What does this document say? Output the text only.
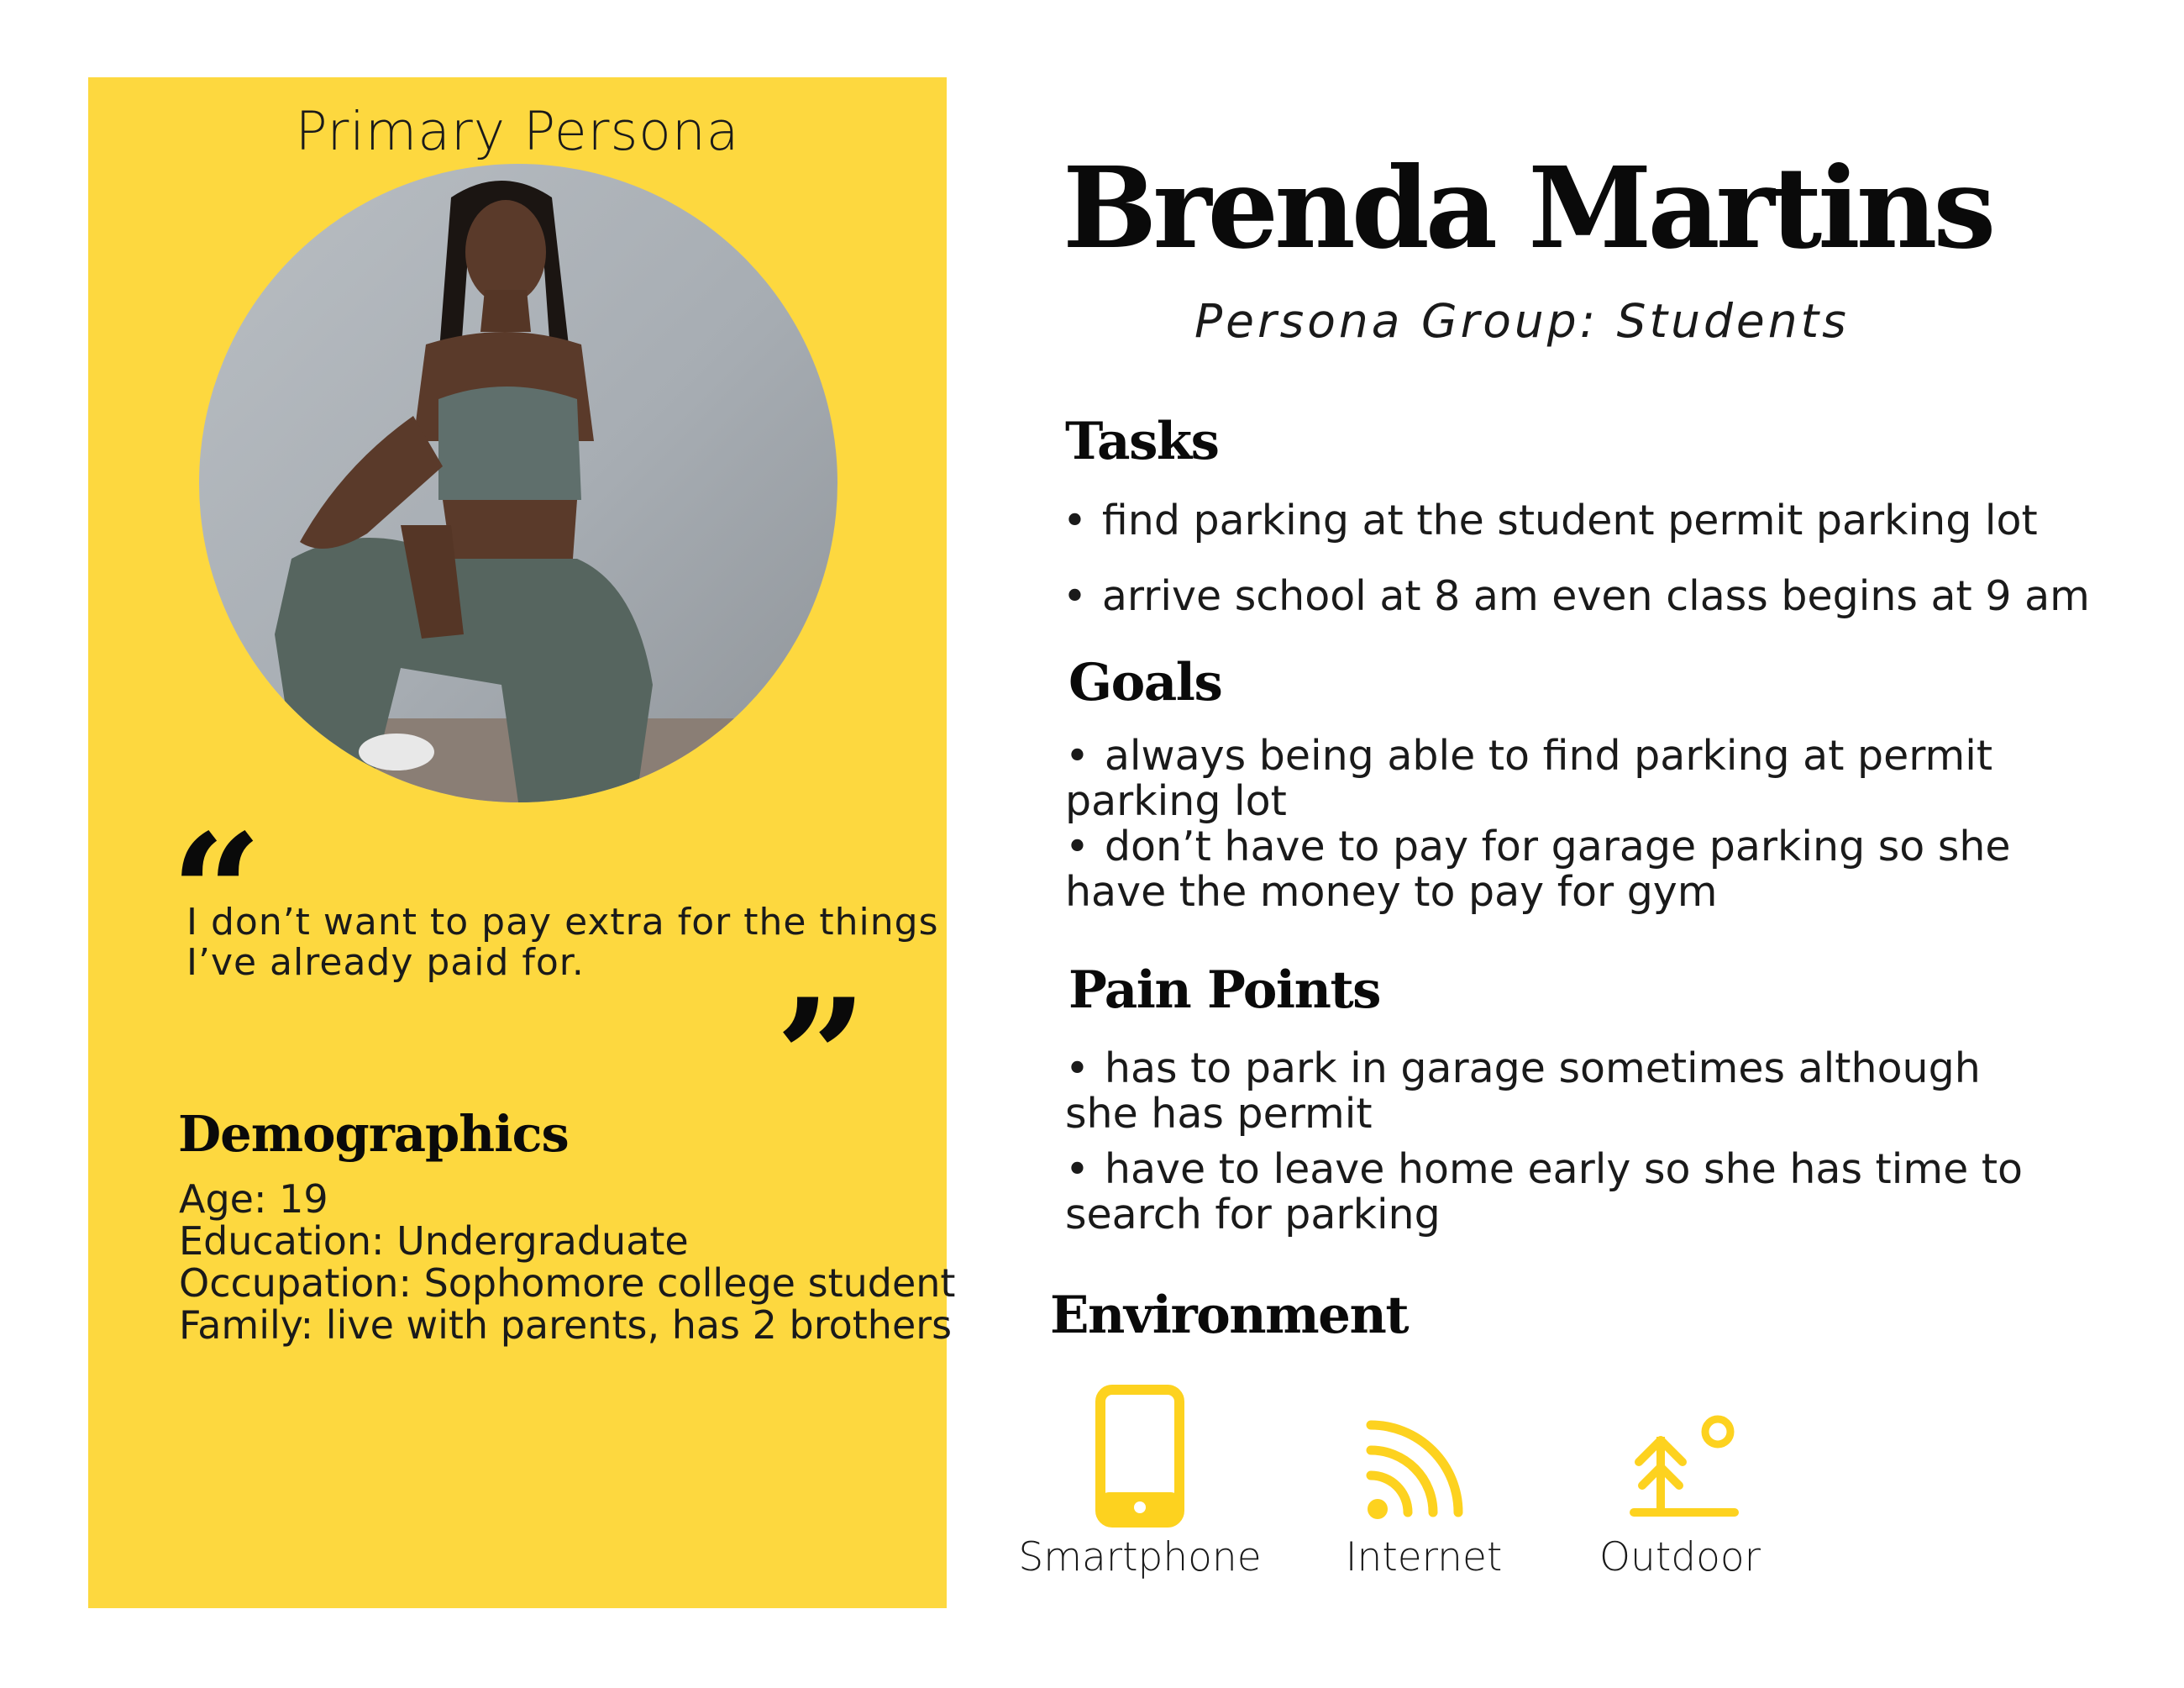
Primary Persona
“
I don’t want to pay extra for the things I’ve already paid for.
”
Demographics
Age: 19
Education: Undergraduate
Occupation: Sophomore college student
Family: live with parents, has 2 brothers
Brenda Martins
Persona Group: Students
Tasks
• find parking at the student permit parking lot
• arrive school at 8 am even class begins at 9 am
Goals
• always being able to find parking at permit parking lot
• don’t have to pay for garage parking so she have the money to pay for gym
Pain Points
• has to park in garage sometimes although she has permit
• have to leave home early so she has time to search for parking
Environment
Smartphone	Internet	Outdoor
